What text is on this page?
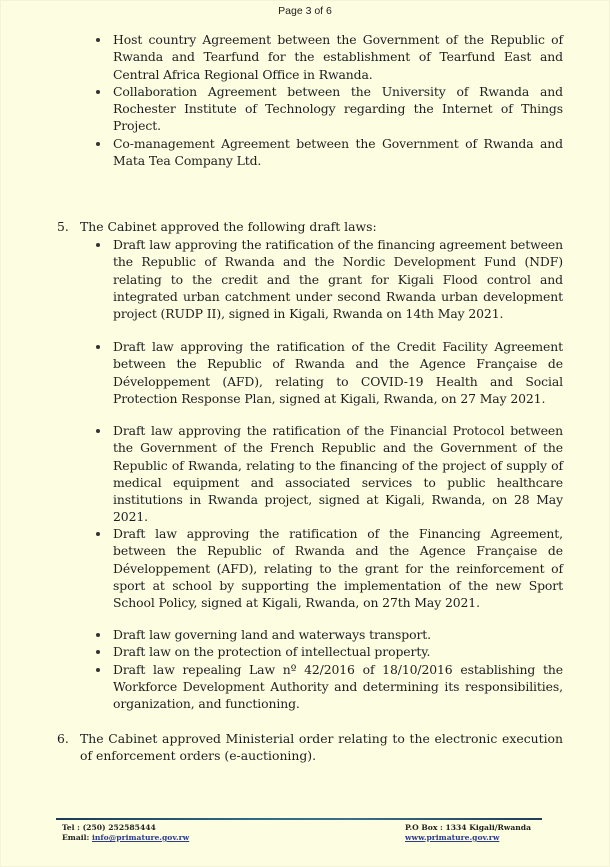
Page 3 of 6
Host country Agreement between the Government of the Republic of Rwanda and Tearfund for the establishment of Tearfund East and Central Africa Regional Office in Rwanda.
Collaboration Agreement between the University of Rwanda and Rochester Institute of Technology regarding the Internet of Things Project.
Co-management Agreement between the Government of Rwanda and Mata Tea Company Ltd.
5. The Cabinet approved the following draft laws:
Draft law approving the ratification of the financing agreement between the Republic of Rwanda and the Nordic Development Fund (NDF) relating to the credit and the grant for Kigali Flood control and integrated urban catchment under second Rwanda urban development project (RUDP II), signed in Kigali, Rwanda on 14th May 2021.
Draft law approving the ratification of the Credit Facility Agreement between the Republic of Rwanda and the Agence Française de Développement (AFD), relating to COVID-19 Health and Social Protection Response Plan, signed at Kigali, Rwanda, on 27 May 2021.
Draft law approving the ratification of the Financial Protocol between the Government of the French Republic and the Government of the Republic of Rwanda, relating to the financing of the project of supply of medical equipment and associated services to public healthcare institutions in Rwanda project, signed at Kigali, Rwanda, on 28 May 2021.
Draft law approving the ratification of the Financing Agreement, between the Republic of Rwanda and the Agence Française de Développement (AFD), relating to the grant for the reinforcement of sport at school by supporting the implementation of the new Sport School Policy, signed at Kigali, Rwanda, on 27th May 2021.
Draft law governing land and waterways transport.
Draft law on the protection of intellectual property.
Draft law repealing Law nº 42/2016 of 18/10/2016 establishing the Workforce Development Authority and determining its responsibilities, organization, and functioning.
6. The Cabinet approved Ministerial order relating to the electronic execution of enforcement orders (e-auctioning).
Tel : (250) 252585444
Email: info@primature.gov.rw
P.O Box : 1334 Kigali/Rwanda
www.primature.gov.rw
